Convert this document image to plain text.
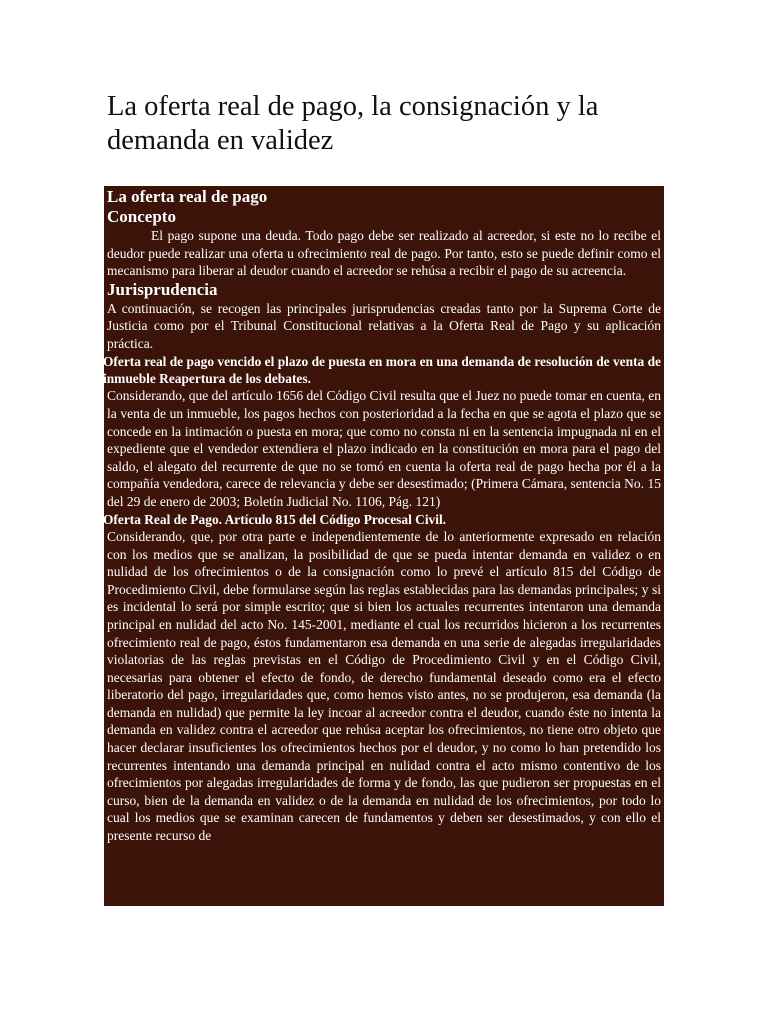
La oferta real de pago, la consignación y la demanda en validez
La oferta real de pago
Concepto

El pago supone una deuda. Todo pago debe ser realizado al acreedor, si este no lo recibe el deudor puede realizar una oferta u ofrecimiento real de pago. Por tanto, esto se puede definir como el mecanismo para liberar al deudor cuando el acreedor se rehúsa a recibir el pago de su acreencia.

Jurisprudencia

A continuación, se recogen las principales jurisprudencias creadas tanto por la Suprema Corte de Justicia como por el Tribunal Constitucional relativas a la Oferta Real de Pago y su aplicación práctica.

✓ Oferta real de pago vencido el plazo de puesta en mora en una demanda de resolución de venta de inmueble Reapertura de los debates.

Considerando, que del artículo 1656 del Código Civil resulta que el Juez no puede tomar en cuenta, en la venta de un inmueble, los pagos hechos con posterioridad a la fecha en que se agota el plazo que se concede en la intimación o puesta en mora; que como no consta ni en la sentencia impugnada ni en el expediente que el vendedor extendiera el plazo indicado en la constitución en mora para el pago del saldo, el alegato del recurrente de que no se tomó en cuenta la oferta real de pago hecha por él a la compañía vendedora, carece de relevancia y debe ser desestimado; (Primera Cámara, sentencia No. 15 del 29 de enero de 2003; Boletín Judicial No. 1106, Pág. 121)

✓ Oferta Real de Pago. Artículo 815 del Código Procesal Civil.

Considerando, que, por otra parte e independientemente de lo anteriormente expresado en relación con los medios que se analizan, la posibilidad de que se pueda intentar demanda en validez o en nulidad de los ofrecimientos o de la consignación como lo prevé el artículo 815 del Código de Procedimiento Civil, debe formularse según las reglas establecidas para las demandas principales; y si es incidental lo será por simple escrito; que si bien los actuales recurrentes intentaron una demanda principal en nulidad del acto No. 145-2001, mediante el cual los recurridos hicieron a los recurrentes ofrecimiento real de pago, éstos fundamentaron esa demanda en una serie de alegadas irregularidades violatorias de las reglas previstas en el Código de Procedimiento Civil y en el Código Civil, necesarias para obtener el efecto de fondo, de derecho fundamental deseado como era el efecto liberatorio del pago, irregularidades que, como hemos visto antes, no se produjeron, esa demanda (la demanda en nulidad) que permite la ley incoar al acreedor contra el deudor, cuando éste no intenta la demanda en validez contra el acreedor que rehúsa aceptar los ofrecimientos, no tiene otro objeto que hacer declarar insuficientes los ofrecimientos hechos por el deudor, y no como lo han pretendido los recurrentes intentando una demanda principal en nulidad contra el acto mismo contentivo de los ofrecimientos por alegadas irregularidades de forma y de fondo, las que pudieron ser propuestas en el curso, bien de la demanda en validez o de la demanda en nulidad de los ofrecimientos, por todo lo cual los medios que se examinan carecen de fundamentos y deben ser desestimados, y con ello el presente recurso de
